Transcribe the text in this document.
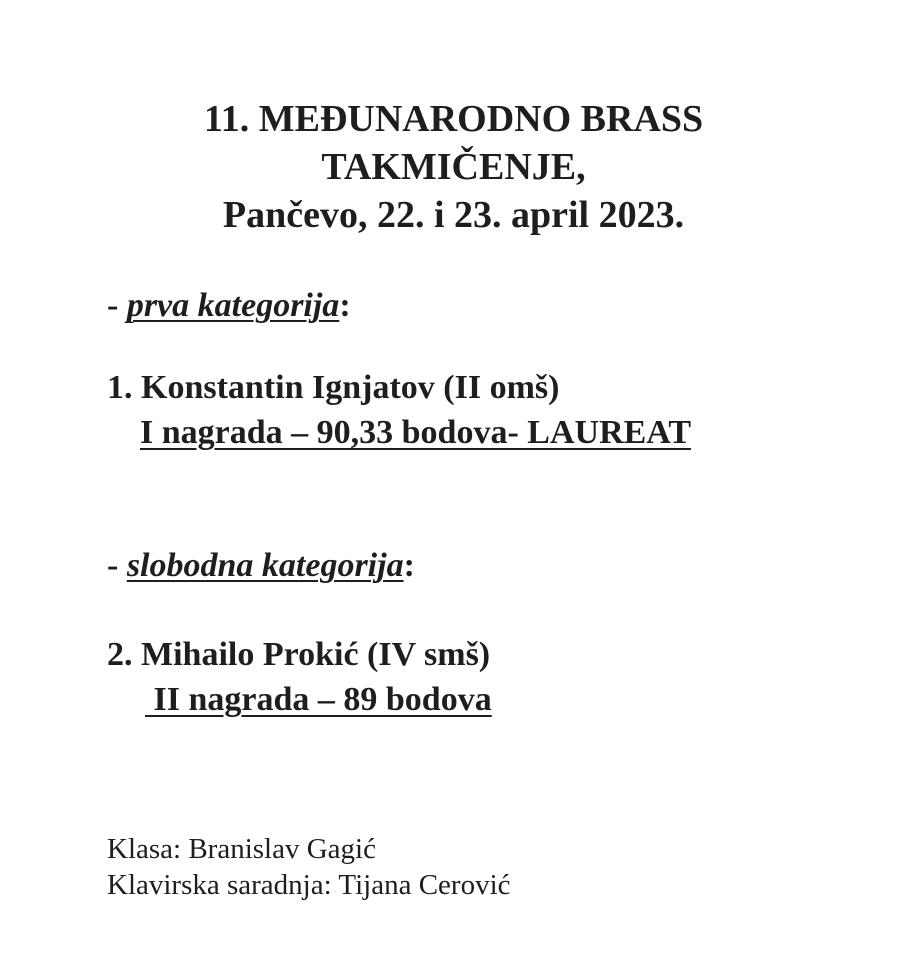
11. MEĐUNARODNO BRASS
TAKMIČENJE,
Pančevo, 22. i 23. april 2023.
- prva kategorija:
1. Konstantin Ignjatov (II omš)
I nagrada – 90,33 bodova- LAUREAT
- slobodna kategorija:
2. Mihailo Prokić (IV smš)
II nagrada – 89 bodova
Klasa: Branislav Gagić
Klavirska saradnja: Tijana Cerović
